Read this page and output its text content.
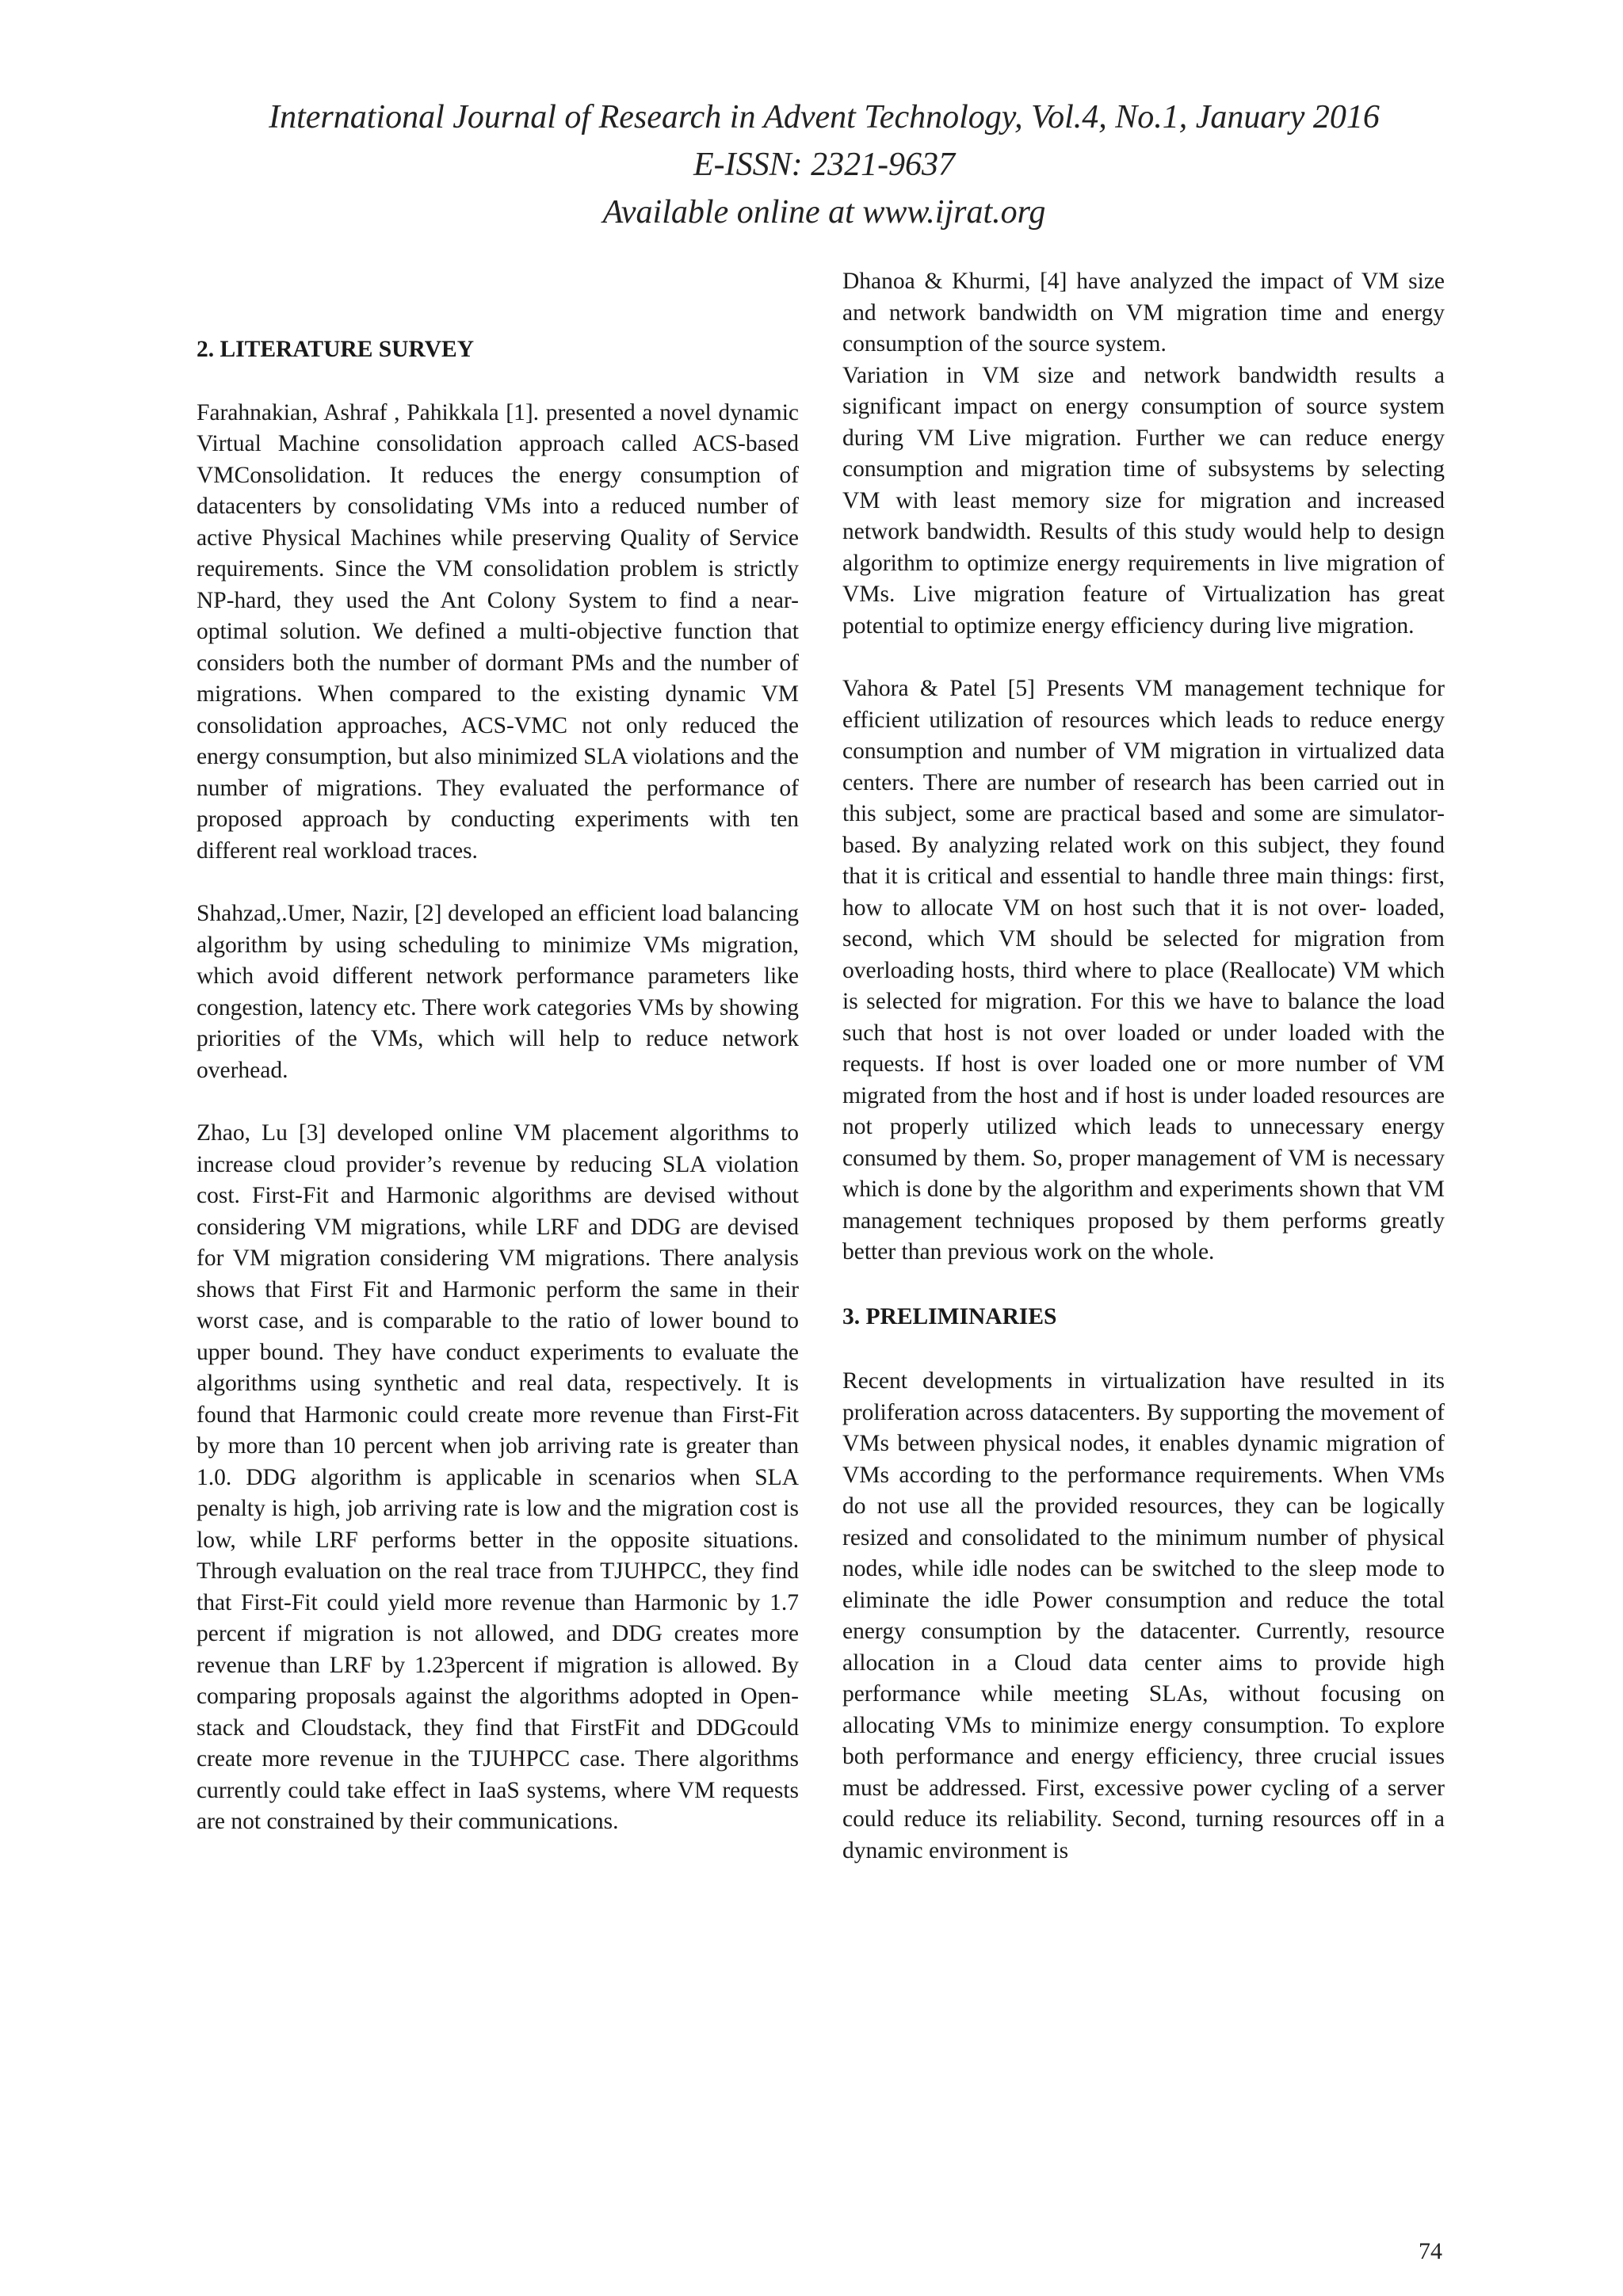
International Journal of Research in Advent Technology, Vol.4, No.1, January 2016
E-ISSN: 2321-9637
Available online at www.ijrat.org
2. LITERATURE SURVEY

Farahnakian, Ashraf , Pahikkala [1]. presented a novel dynamic Virtual Machine consolidation approach called ACS-based VMConsolidation. It reduces the energy consumption of datacenters by consolidating VMs into a reduced number of active Physical Machines while preserving Quality of Service requirements. Since the VM consolidation problem is strictly NP-hard, they used the Ant Colony System to find a near-optimal solution. We defined a multi-objective function that considers both the number of dormant PMs and the number of migrations. When compared to the existing dynamic VM consolidation approaches, ACS-VMC not only reduced the energy consumption, but also minimized SLA violations and the number of migrations. They evaluated the performance of proposed approach by conducting experiments with ten different real workload traces.

Shahzad,.Umer, Nazir, [2] developed an efficient load balancing algorithm by using scheduling to minimize VMs migration, which avoid different network performance parameters like congestion, latency etc. There work categories VMs by showing priorities of the VMs, which will help to reduce network overhead.

Zhao, Lu [3] developed online VM placement algorithms to increase cloud provider’s revenue by reducing SLA violation cost. First-Fit and Harmonic algorithms are devised without considering VM migrations, while LRF and DDG are devised for VM migration considering VM migrations. There analysis shows that First Fit and Harmonic perform the same in their worst case, and is comparable to the ratio of lower bound to upper bound. They have conduct experiments to evaluate the algorithms using synthetic and real data, respectively. It is found that Harmonic could create more revenue than First-Fit by more than 10 percent when job arriving rate is greater than 1.0. DDG algorithm is applicable in scenarios when SLA penalty is high, job arriving rate is low and the migration cost is low, while LRF performs better in the opposite situations. Through evaluation on the real trace from TJUHPCC, they find that First-Fit could yield more revenue than Harmonic by 1.7 percent if migration is not allowed, and DDG creates more revenue than LRF by 1.23percent if migration is allowed. By comparing proposals against the algorithms adopted in Open-stack and Cloudstack, they find that FirstFit and DDGcould create more revenue in the TJUHPCC case. There algorithms currently could take effect in IaaS systems, where VM requests are not constrained by their communications.

Dhanoa & Khurmi, [4] have analyzed the impact of VM size and network bandwidth on VM migration time and energy consumption of the source system.

Variation in VM size and network bandwidth results a significant impact on energy consumption of source system during VM Live migration. Further we can reduce energy consumption and migration time of subsystems by selecting VM with least memory size for migration and increased network bandwidth. Results of this study would help to design algorithm to optimize energy requirements in live migration of VMs. Live migration feature of Virtualization has great potential to optimize energy efficiency during live migration.

Vahora & Patel [5] Presents VM management technique for efficient utilization of resources which leads to reduce energy consumption and number of VM migration in virtualized data centers. There are number of research has been carried out in this subject, some are practical based and some are simulator-based. By analyzing related work on this subject, they found that it is critical and essential to handle three main things: first, how to allocate VM on host such that it is not over- loaded, second, which VM should be selected for migration from overloading hosts, third where to place (Reallocate) VM which is selected for migration. For this we have to balance the load such that host is not over loaded or under loaded with the requests. If host is over loaded one or more number of VM migrated from the host and if host is under loaded resources are not properly utilized which leads to unnecessary energy consumed by them. So, proper management of VM is necessary which is done by the algorithm and experiments shown that VM management techniques proposed by them performs greatly better than previous work on the whole.

3. PRELIMINARIES

Recent developments in virtualization have resulted in its proliferation across datacenters. By supporting the movement of VMs between physical nodes, it enables dynamic migration of VMs according to the performance requirements. When VMs do not use all the provided resources, they can be logically resized and consolidated to the minimum number of physical nodes, while idle nodes can be switched to the sleep mode to eliminate the idle Power consumption and reduce the total energy consumption by the datacenter. Currently, resource allocation in a Cloud data center aims to provide high performance while meeting SLAs, without focusing on allocating VMs to minimize energy consumption. To explore both performance and energy efficiency, three crucial issues must be addressed. First, excessive power cycling of a server could reduce its reliability. Second, turning resources off in a dynamic environment is

74
